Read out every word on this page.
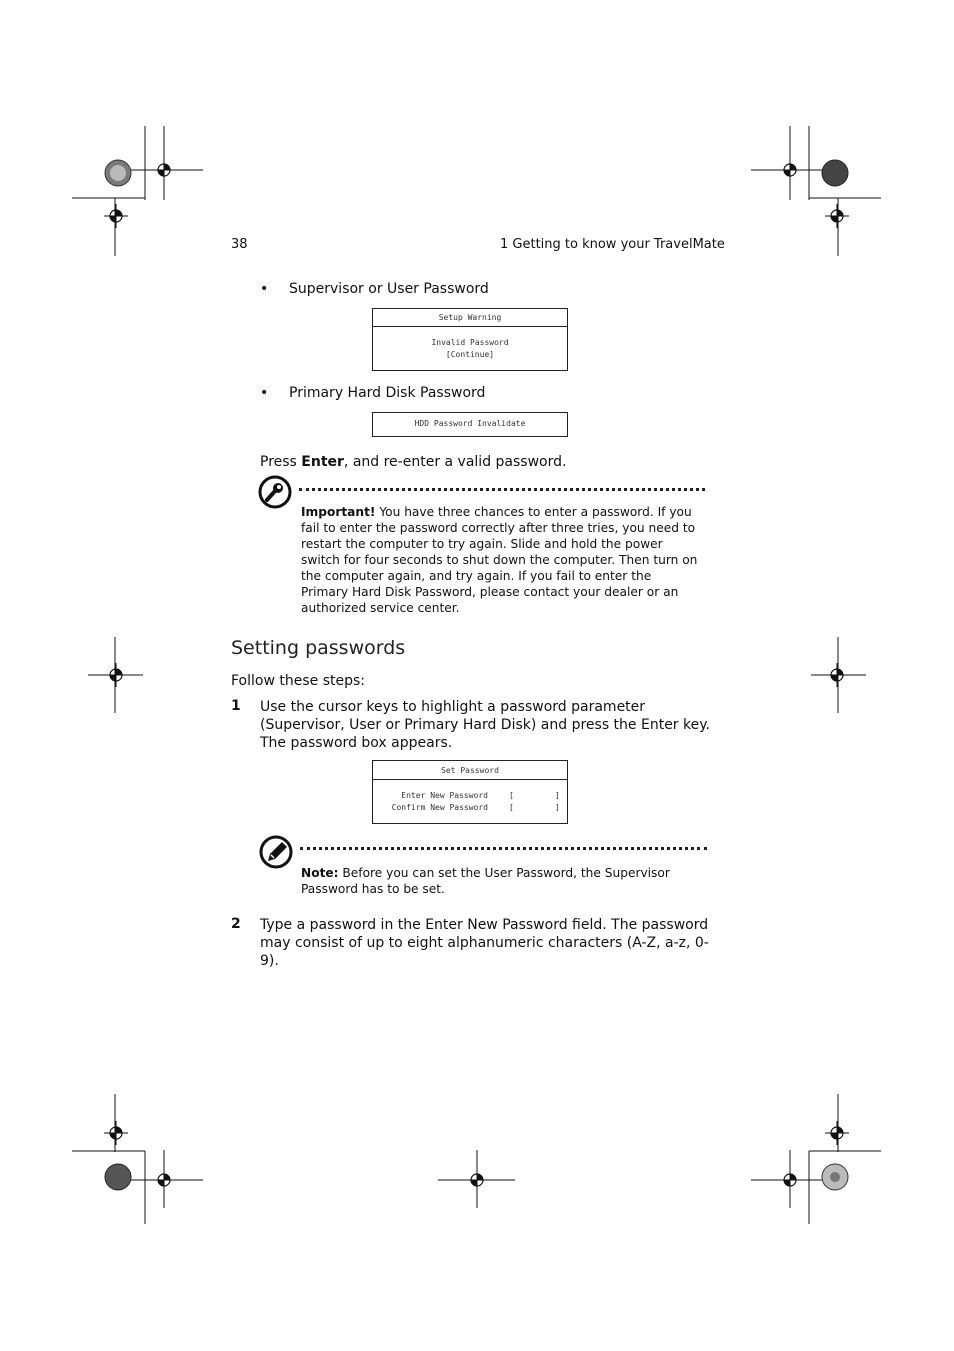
38	1 Getting to know your TravelMate
• Supervisor or User Password
Setup Warning
Invalid Password
[Continue]
• Primary Hard Disk Password
HDD Password Invalidate
Press Enter, and re-enter a valid password.
Important! You have three chances to enter a password. If you fail to enter the password correctly after three tries, you need to restart the computer to try again. Slide and hold the power switch for four seconds to shut down the computer. Then turn on the computer again, and try again. If you fail to enter the Primary Hard Disk Password, please contact your dealer or an authorized service center.
Setting passwords
Follow these steps:
1 Use the cursor keys to highlight a password parameter (Supervisor, User or Primary Hard Disk) and press the Enter key. The password box appears.
Set Password
Enter New Password	[	]
Confirm New Password	[	]
Note: Before you can set the User Password, the Supervisor Password has to be set.
2 Type a password in the Enter New Password field. The password may consist of up to eight alphanumeric characters (A-Z, a-z, 0-9).
